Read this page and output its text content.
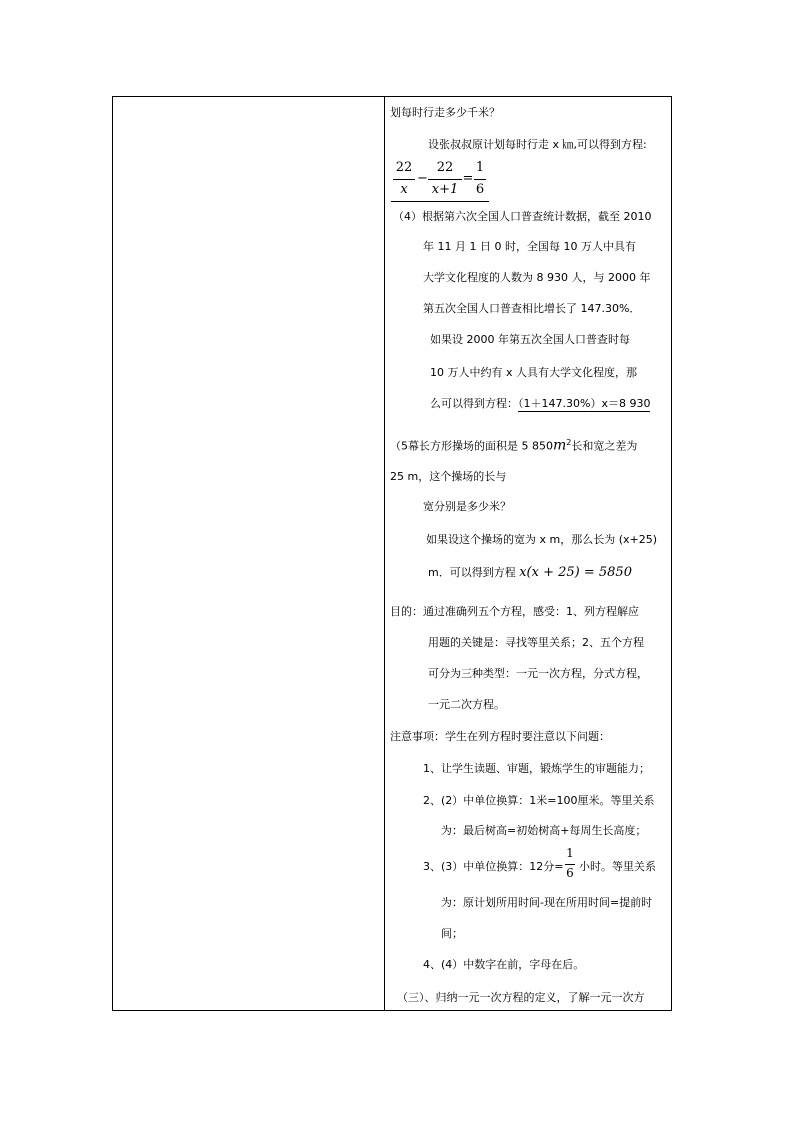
划每时行走多少千米？
设张叔叔原计划每时行走 x ㎞,可以得到方程:
22
x
−
22
x+1
=
1
6
（4）根据第六次全国人口普查统计数据，截至 2010
年 11 月 1 日 0 时，全国每 10 万人中具有
大学文化程度的人数为 8 930 人，与 2000 年
第五次全国人口普查相比增长了 147.30%．
如果设 2000 年第五次全国人口普查时每
10 万人中约有 x 人具有大学文化程度，那
么可以得到方程：（1＋147.30%）x＝8 930
（5幕长方形操场的面积是 5 $850m^2$长和宽之差为
25 m，这个操场的长与
宽分别是多少米？
如果设这个操场的宽为 x m，那么长为 (x+25)
m．可以得到方程 x(x + 25) = 5850
目的：通过准确列五个方程，感受：1、列方程解应
用题的关键是：寻找等里关系；2、五个方程
可分为三种类型：一元一次方程，分式方程，
一元二次方程。
注意事项：学生在列方程时要注意以下问题：
1、让学生读题、审题，锻炼学生的审题能力；
2、(2）中单位换算：1米=100厘米。等里关系
为：最后树高=初始树高+每周生长高度；
3、(3）中单位换算：12分=
1
6 小时。等里关系
为：原计划所用时间-现在所用时间=提前时
间；
4、(4）中数字在前，字母在后。
（三）、归纳一元一次方程的定义，了解一元一次方
